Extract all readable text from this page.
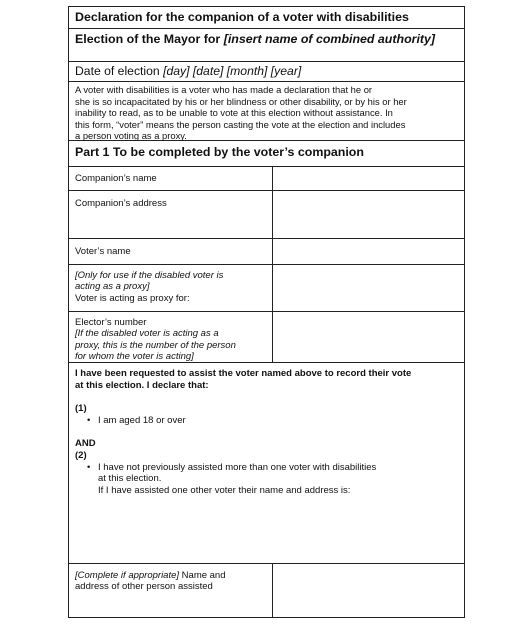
Declaration for the companion of a voter with disabilities
Election of the Mayor for [insert name of combined authority]
Date of election [day] [date] [month] [year]
A voter with disabilities is a voter who has made a declaration that he or
she is so incapacitated by his or her blindness or other disability, or by his or her
inability to read, as to be unable to vote at this election without assistance. In
this form, “voter” means the person casting the vote at the election and includes
a person voting as a proxy.
Part 1 To be completed by the voter’s companion
Companion’s name
Companion’s address
Voter’s name
[Only for use if the disabled voter is
acting as a proxy]
Voter is acting as proxy for:
Elector’s number
[If the disabled voter is acting as a
proxy, this is the number of the person
for whom the voter is acting]
I have been requested to assist the voter named above to record their vote
at this election. I declare that:
(1)
• I am aged 18 or over
AND
(2)
• I have not previously assisted more than one voter with disabilities
at this election.
If I have assisted one other voter their name and address is:
[Complete if appropriate] Name and
address of other person assisted
